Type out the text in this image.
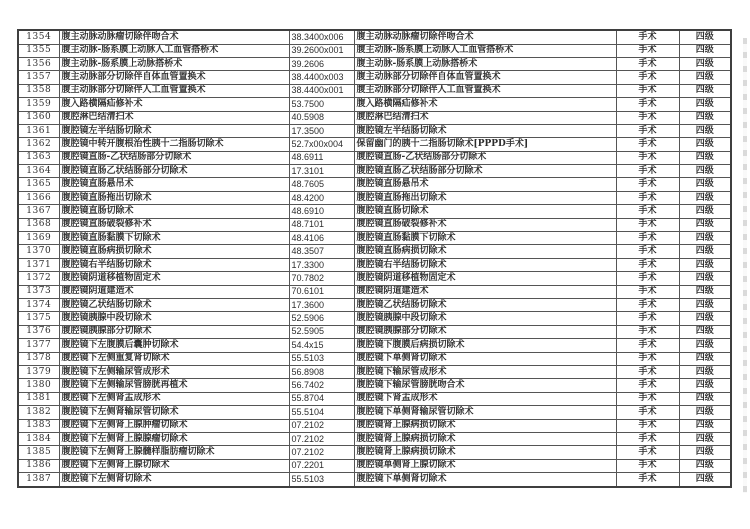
1354	腹主动脉动脉瘤切除伴吻合术	38.3400x006	腹主动脉动脉瘤切除伴吻合术	手术	四级
1355	腹主动脉-肠系膜上动脉人工血管搭桥术	39.2600x001	腹主动脉-肠系膜上动脉人工血管搭桥术	手术	四级
1356	腹主动脉-肠系膜上动脉搭桥术	39.2606	腹主动脉-肠系膜上动脉搭桥术	手术	四级
1357	腹主动脉部分切除伴自体血管置换术	38.4400x003	腹主动脉部分切除伴自体血管置换术	手术	四级
1358	腹主动脉部分切除伴人工血管置换术	38.4400x001	腹主动脉部分切除伴人工血管置换术	手术	四级
1359	腹入路横隔疝修补术	53.7500	腹入路横隔疝修补术	手术	四级
1360	腹腔淋巴结清扫术	40.5908	腹腔淋巴结清扫术	手术	四级
1361	腹腔镜左半结肠切除术	17.3500	腹腔镜左半结肠切除术	手术	四级
1362	腹腔镜中转开腹根治性胰十二指肠切除术	52.7x00x004	保留幽门的胰十二指肠切除术[PPPD手术]	手术	四级
1363	腹腔镜直肠-乙状结肠部分切除术	48.6911	腹腔镜直肠-乙状结肠部分切除术	手术	四级
1364	腹腔镜直肠乙状结肠部分切除术	17.3101	腹腔镜直肠乙状结肠部分切除术	手术	四级
1365	腹腔镜直肠悬吊术	48.7605	腹腔镜直肠悬吊术	手术	四级
1366	腹腔镜直肠拖出切除术	48.4200	腹腔镜直肠拖出切除术	手术	四级
1367	腹腔镜直肠切除术	48.6910	腹腔镜直肠切除术	手术	四级
1368	腹腔镜直肠破裂修补术	48.7101	腹腔镜直肠破裂修补术	手术	四级
1369	腹腔镜直肠黏膜下切除术	48.4106	腹腔镜直肠黏膜下切除术	手术	四级
1370	腹腔镜直肠病损切除术	48.3507	腹腔镜直肠病损切除术	手术	四级
1371	腹腔镜右半结肠切除术	17.3300	腹腔镜右半结肠切除术	手术	四级
1372	腹腔镜阴道移植物固定术	70.7802	腹腔镜阴道移植物固定术	手术	四级
1373	腹腔镜阴道建造术	70.6101	腹腔镜阴道建造术	手术	四级
1374	腹腔镜乙状结肠切除术	17.3600	腹腔镜乙状结肠切除术	手术	四级
1375	腹腔镜胰腺中段切除术	52.5906	腹腔镜胰腺中段切除术	手术	四级
1376	腹腔镜胰腺部分切除术	52.5905	腹腔镜胰腺部分切除术	手术	四级
1377	腹腔镜下左腹膜后囊肿切除术	54.4x15	腹腔镜下腹膜后病损切除术	手术	四级
1378	腹腔镜下左侧重复肾切除术	55.5103	腹腔镜下单侧肾切除术	手术	四级
1379	腹腔镜下左侧输尿管成形术	56.8908	腹腔镜下输尿管成形术	手术	四级
1380	腹腔镜下左侧输尿管膀胱再植术	56.7402	腹腔镜下输尿管膀胱吻合术	手术	四级
1381	腹腔镜下左侧肾盂成形术	55.8704	腹腔镜下肾盂成形术	手术	四级
1382	腹腔镜下左侧肾输尿管切除术	55.5104	腹腔镜下单侧肾输尿管切除术	手术	四级
1383	腹腔镜下左侧肾上腺肿瘤切除术	07.2102	腹腔镜肾上腺病损切除术	手术	四级
1384	腹腔镜下左侧肾上腺腺瘤切除术	07.2102	腹腔镜肾上腺病损切除术	手术	四级
1385	腹腔镜下左侧肾上腺髓样脂肪瘤切除术	07.2102	腹腔镜肾上腺病损切除术	手术	四级
1386	腹腔镜下左侧肾上腺切除术	07.2201	腹腔镜单侧肾上腺切除术	手术	四级
1387	腹腔镜下左侧肾切除术	55.5103	腹腔镜下单侧肾切除术	手术	四级
